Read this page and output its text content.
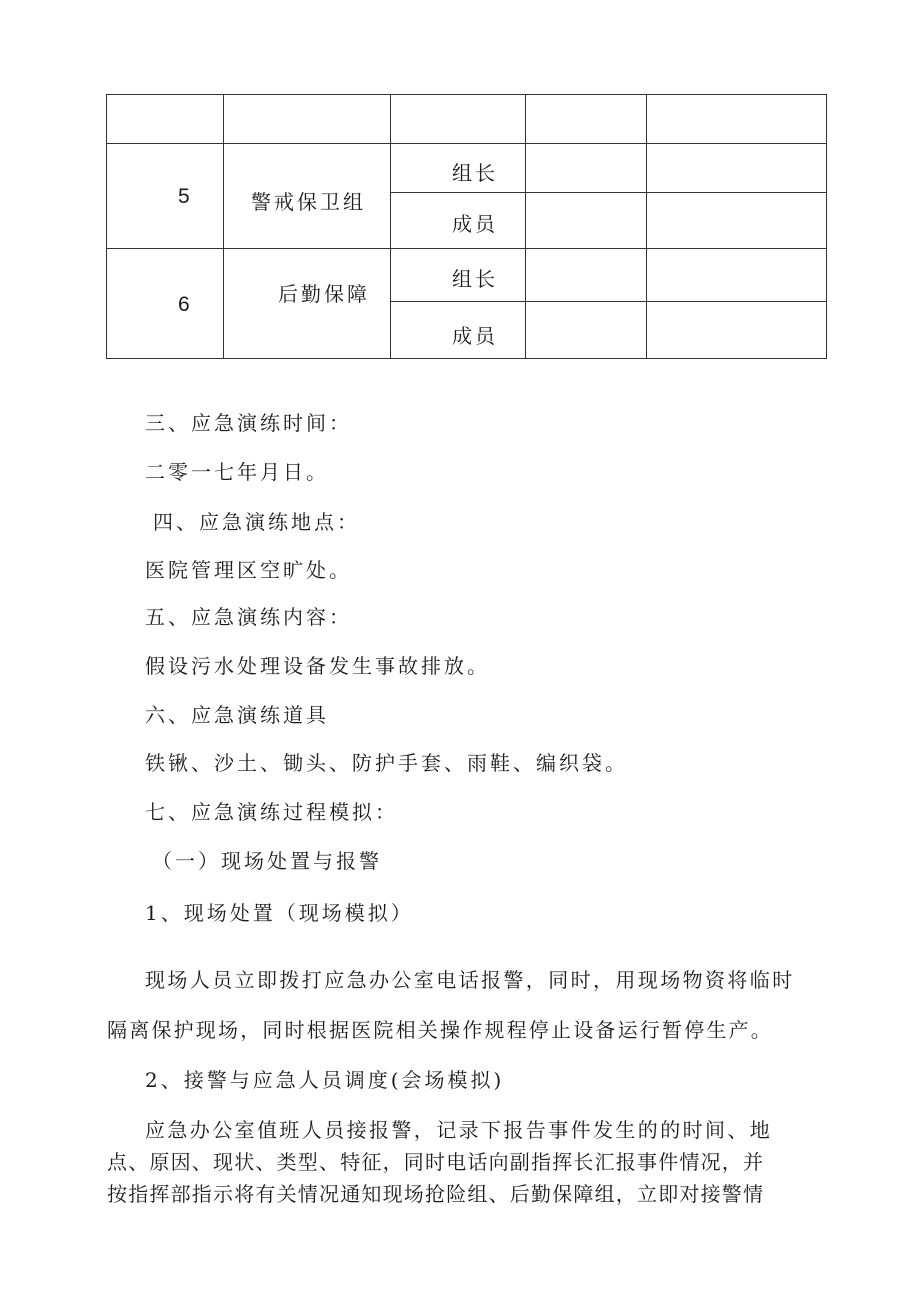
5	警戒保卫组
组长
成员
6	后勤保障
组长
成员
三、应急演练时间：
二零一七年月日。
四、应急演练地点：
医院管理区空旷处。
五、应急演练内容：
假设污水处理设备发生事故排放。
六、应急演练道具
铁锹、沙土、锄头、防护手套、雨鞋、编织袋。
七、应急演练过程模拟：
（一）现场处置与报警
1、现场处置（现场模拟）
现场人员立即拨打应急办公室电话报警，同时，用现场物资将临时
隔离保护现场，同时根据医院相关操作规程停止设备运行暂停生产。
2、接警与应急人员调度(会场模拟)
应急办公室值班人员接报警，记录下报告事件发生的的时间、地
点、原因、现状、类型、特征，同时电话向副指挥长汇报事件情况，并
按指挥部指示将有关情况通知现场抢险组、后勤保障组，立即对接警情
